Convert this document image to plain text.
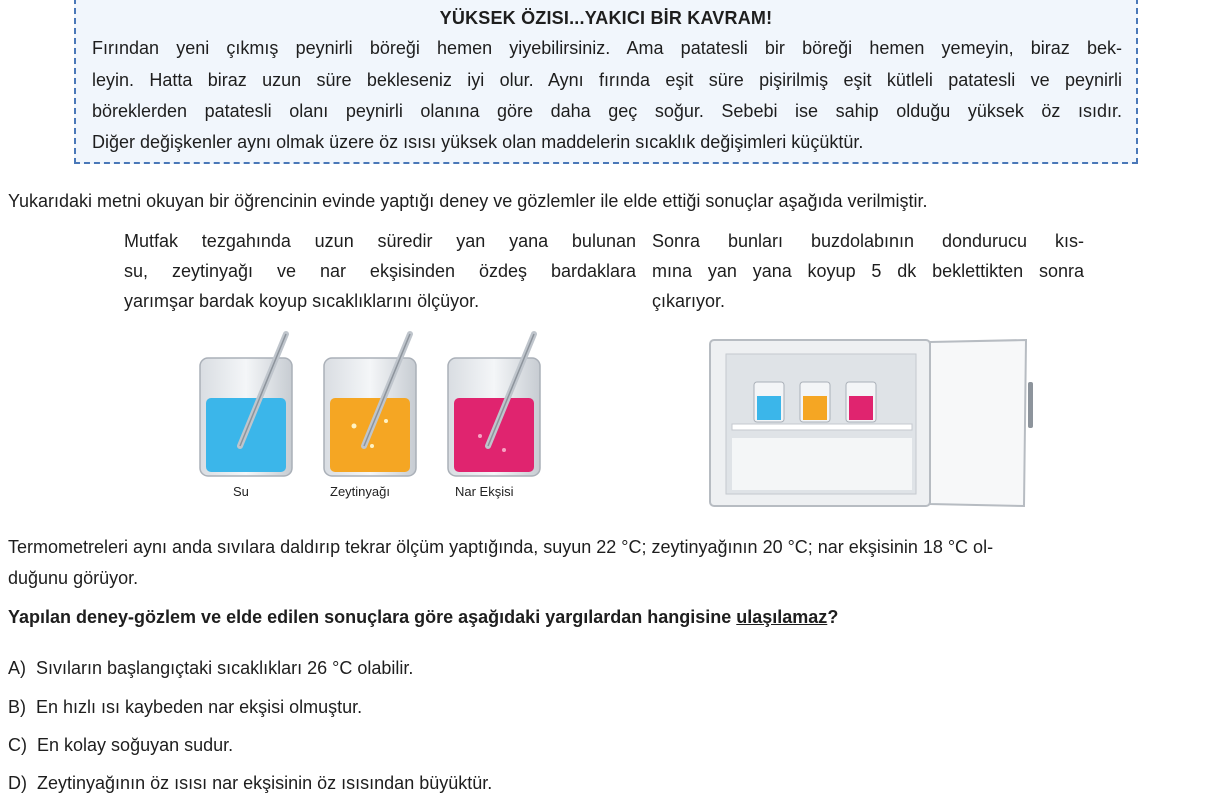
YÜKSEK ÖZISI...YAKICI BİR KAVRAM!
Fırından yeni çıkmış peynirli böreği hemen yiyebilirsiniz. Ama patatesli bir böreği hemen yemeyin, biraz bek-
leyin. Hatta biraz uzun süre bekleseniz iyi olur. Aynı fırında eşit süre pişirilmiş eşit kütleli patatesli ve peynirli
böreklerden patatesli olanı peynirli olanına göre daha geç soğur. Sebebi ise sahip olduğu yüksek öz ısıdır.
Diğer değişkenler aynı olmak üzere öz ısısı yüksek olan maddelerin sıcaklık değişimleri küçüktür.
Yukarıdaki metni okuyan bir öğrencinin evinde yaptığı deney ve gözlemler ile elde ettiği sonuçlar aşağıda verilmiştir.
Mutfak tezgahında uzun süredir yan yana bulunan
su, zeytinyağı ve nar ekşisinden özdeş bardaklara
yarımşar bardak koyup sıcaklıklarını ölçüyor.
Sonra bunları buzdolabının dondurucu kıs-
mına yan yana koyup 5 dk beklettikten sonra
çıkarıyor.
Su	Zeytinyağı	Nar Ekşisi
Termometreleri aynı anda sıvılara daldırıp tekrar ölçüm yaptığında, suyun 22 °C; zeytinyağının 20 °C; nar ekşisinin 18 °C ol-
duğunu görüyor.
Yapılan deney-gözlem ve elde edilen sonuçlara göre aşağıdaki yargılardan hangisine ulaşılamaz?
A) Sıvıların başlangıçtaki sıcaklıkları 26 °C olabilir.
B) En hızlı ısı kaybeden nar ekşisi olmuştur.
C) En kolay soğuyan sudur.
D) Zeytinyağının öz ısısı nar ekşisinin öz ısısından büyüktür.
